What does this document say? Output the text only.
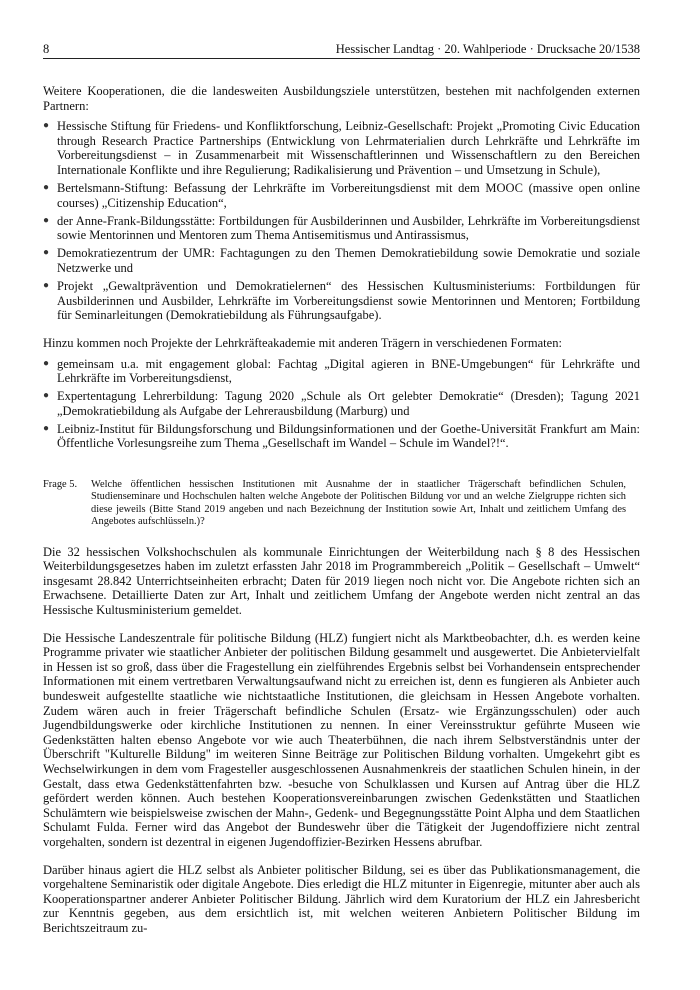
8	Hessischer Landtag · 20. Wahlperiode · Drucksache 20/1538

Weitere Kooperationen, die die landesweiten Ausbildungsziele unterstützen, bestehen mit nachfolgenden externen Partnern:

● Hessische Stiftung für Friedens- und Konfliktforschung, Leibniz-Gesellschaft: Projekt „Promoting Civic Education through Research Practice Partnerships (Entwicklung von Lehrmaterialien durch Lehrkräfte und Lehrkräfte im Vorbereitungsdienst – in Zusammenarbeit mit Wissenschaftlerinnen und Wissenschaftlern zu den Bereichen Internationale Konflikte und ihre Regulierung; Radikalisierung und Prävention – und Umsetzung in Schule),
● Bertelsmann-Stiftung: Befassung der Lehrkräfte im Vorbereitungsdienst mit dem MOOC (massive open online courses) „Citizenship Education“,
● der Anne-Frank-Bildungsstätte: Fortbildungen für Ausbilderinnen und Ausbilder, Lehrkräfte im Vorbereitungsdienst sowie Mentorinnen und Mentoren zum Thema Antisemitismus und Antirassismus,
● Demokratiezentrum der UMR: Fachtagungen zu den Themen Demokratiebildung sowie Demokratie und soziale Netzwerke und
● Projekt „Gewaltprävention und Demokratielernen“ des Hessischen Kultusministeriums: Fortbildungen für Ausbilderinnen und Ausbilder, Lehrkräfte im Vorbereitungsdienst sowie Mentorinnen und Mentoren; Fortbildung für Seminarleitungen (Demokratiebildung als Führungsaufgabe).

Hinzu kommen noch Projekte der Lehrkräfteakademie mit anderen Trägern in verschiedenen Formaten:

● gemeinsam u.a. mit engagement global: Fachtag „Digital agieren in BNE-Umgebungen“ für Lehrkräfte und Lehrkräfte im Vorbereitungsdienst,
● Expertentagung Lehrerbildung: Tagung 2020 „Schule als Ort gelebter Demokratie“ (Dresden); Tagung 2021 „Demokratiebildung als Aufgabe der Lehrerausbildung (Marburg) und
● Leibniz-Institut für Bildungsforschung und Bildungsinformationen und der Goethe-Universität Frankfurt am Main: Öffentliche Vorlesungsreihe zum Thema „Gesellschaft im Wandel – Schule im Wandel?!“.
Frage 5.	Welche öffentlichen hessischen Institutionen mit Ausnahme der in staatlicher Trägerschaft befindlichen Schulen, Studienseminare und Hochschulen halten welche Angebote der Politischen Bildung vor und an welche Zielgruppe richten sich diese jeweils (Bitte Stand 2019 angeben und nach Bezeichnung der Institution sowie Art, Inhalt und zeitlichem Umfang des Angebotes aufschlüsseln.)?

Die 32 hessischen Volkshochschulen als kommunale Einrichtungen der Weiterbildung nach § 8 des Hessischen Weiterbildungsgesetzes haben im zuletzt erfassten Jahr 2018 im Programmbereich „Politik – Gesellschaft – Umwelt“ insgesamt 28.842 Unterrichtseinheiten erbracht; Daten für 2019 liegen noch nicht vor. Die Angebote richten sich an Erwachsene. Detaillierte Daten zur Art, Inhalt und zeitlichem Umfang der Angebote werden nicht zentral an das Hessische Kultusministerium gemeldet.

Die Hessische Landeszentrale für politische Bildung (HLZ) fungiert nicht als Marktbeobachter, d.h. es werden keine Programme privater wie staatlicher Anbieter der politischen Bildung gesammelt und ausgewertet. Die Anbietervielfalt in Hessen ist so groß, dass über die Fragestellung ein zielführendes Ergebnis selbst bei Vorhandensein entsprechender Informationen mit einem vertretbaren Verwaltungsaufwand nicht zu erreichen ist, denn es fungieren als Anbieter auch bundesweit aufgestellte staatliche wie nichtstaatliche Institutionen, die gleichsam in Hessen Angebote vorhalten. Zudem wären auch in freier Trägerschaft befindliche Schulen (Ersatz- wie Ergänzungsschulen) oder auch Jugendbildungswerke oder kirchliche Institutionen zu nennen. In einer Vereinsstruktur geführte Museen wie Gedenkstätten halten ebenso Angebote vor wie auch Theaterbühnen, die nach ihrem Selbstverständnis unter der Überschrift "Kulturelle Bildung" im weiteren Sinne Beiträge zur Politischen Bildung vorhalten. Umgekehrt gibt es Wechselwirkungen in dem vom Fragesteller ausgeschlossenen Ausnahmenkreis der staatlichen Schulen hinein, in der Gestalt, dass etwa Gedenkstättenfahrten bzw. -besuche von Schulklassen und Kursen auf Antrag über die HLZ gefördert werden können. Auch bestehen Kooperationsvereinbarungen zwischen Gedenkstätten und Staatlichen Schulämtern wie beispielsweise zwischen der Mahn-, Gedenk- und Begegnungsstätte Point Alpha und dem Staatlichen Schulamt Fulda. Ferner wird das Angebot der Bundeswehr über die Tätigkeit der Jugendoffiziere nicht zentral vorgehalten, sondern ist dezentral in eigenen Jugendoffizier-Bezirken Hessens abrufbar.

Darüber hinaus agiert die HLZ selbst als Anbieter politischer Bildung, sei es über das Publikationsmanagement, die vorgehaltene Seminaristik oder digitale Angebote. Dies erledigt die HLZ mitunter in Eigenregie, mitunter aber auch als Kooperationspartner anderer Anbieter Politischer Bildung. Jährlich wird dem Kuratorium der HLZ ein Jahresbericht zur Kenntnis gegeben, aus dem ersichtlich ist, mit welchen weiteren Anbietern Politischer Bildung im Berichtszeitraum zu-
